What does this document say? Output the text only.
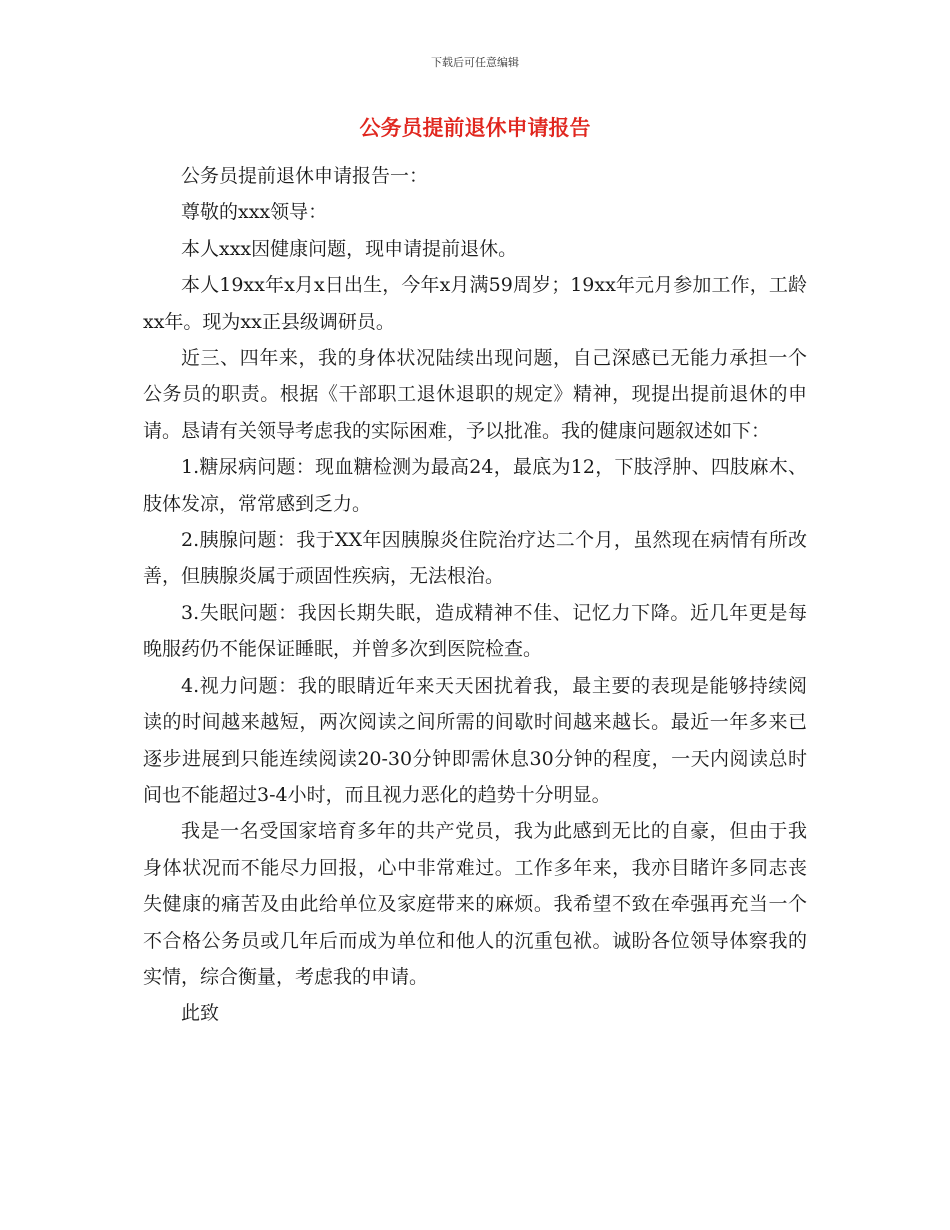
下载后可任意编辑
公务员提前退休申请报告

公务员提前退休申请报告一：

尊敬的xxx领导：

本人xxx因健康问题，现申请提前退休。

本人19xx年x月x日出生，今年x月满59周岁；19xx年元月参加工作，工龄xx年。现为xx正县级调研员。

近三、四年来，我的身体状况陆续出现问题，自己深感已无能力承担一个公务员的职责。根据《干部职工退休退职的规定》精神，现提出提前退休的申请。恳请有关领导考虑我的实际困难，予以批准。我的健康问题叙述如下：

1.糖尿病问题：现血糖检测为最高24，最底为12，下肢浮肿、四肢麻木、肢体发凉，常常感到乏力。

2.胰腺问题：我于XX年因胰腺炎住院治疗达二个月，虽然现在病情有所改善，但胰腺炎属于顽固性疾病，无法根治。

3.失眠问题：我因长期失眠，造成精神不佳、记忆力下降。近几年更是每晚服药仍不能保证睡眠，并曾多次到医院检查。

4.视力问题：我的眼睛近年来天天困扰着我，最主要的表现是能够持续阅读的时间越来越短，两次阅读之间所需的间歇时间越来越长。最近一年多来已逐步进展到只能连续阅读20-30分钟即需休息30分钟的程度，一天内阅读总时间也不能超过3-4小时，而且视力恶化的趋势十分明显。

我是一名受国家培育多年的共产党员，我为此感到无比的自豪，但由于我身体状况而不能尽力回报，心中非常难过。工作多年来，我亦目睹许多同志丧失健康的痛苦及由此给单位及家庭带来的麻烦。我希望不致在牵强再充当一个不合格公务员或几年后而成为单位和他人的沉重包袱。诚盼各位领导体察我的实情，综合衡量，考虑我的申请。

此致
